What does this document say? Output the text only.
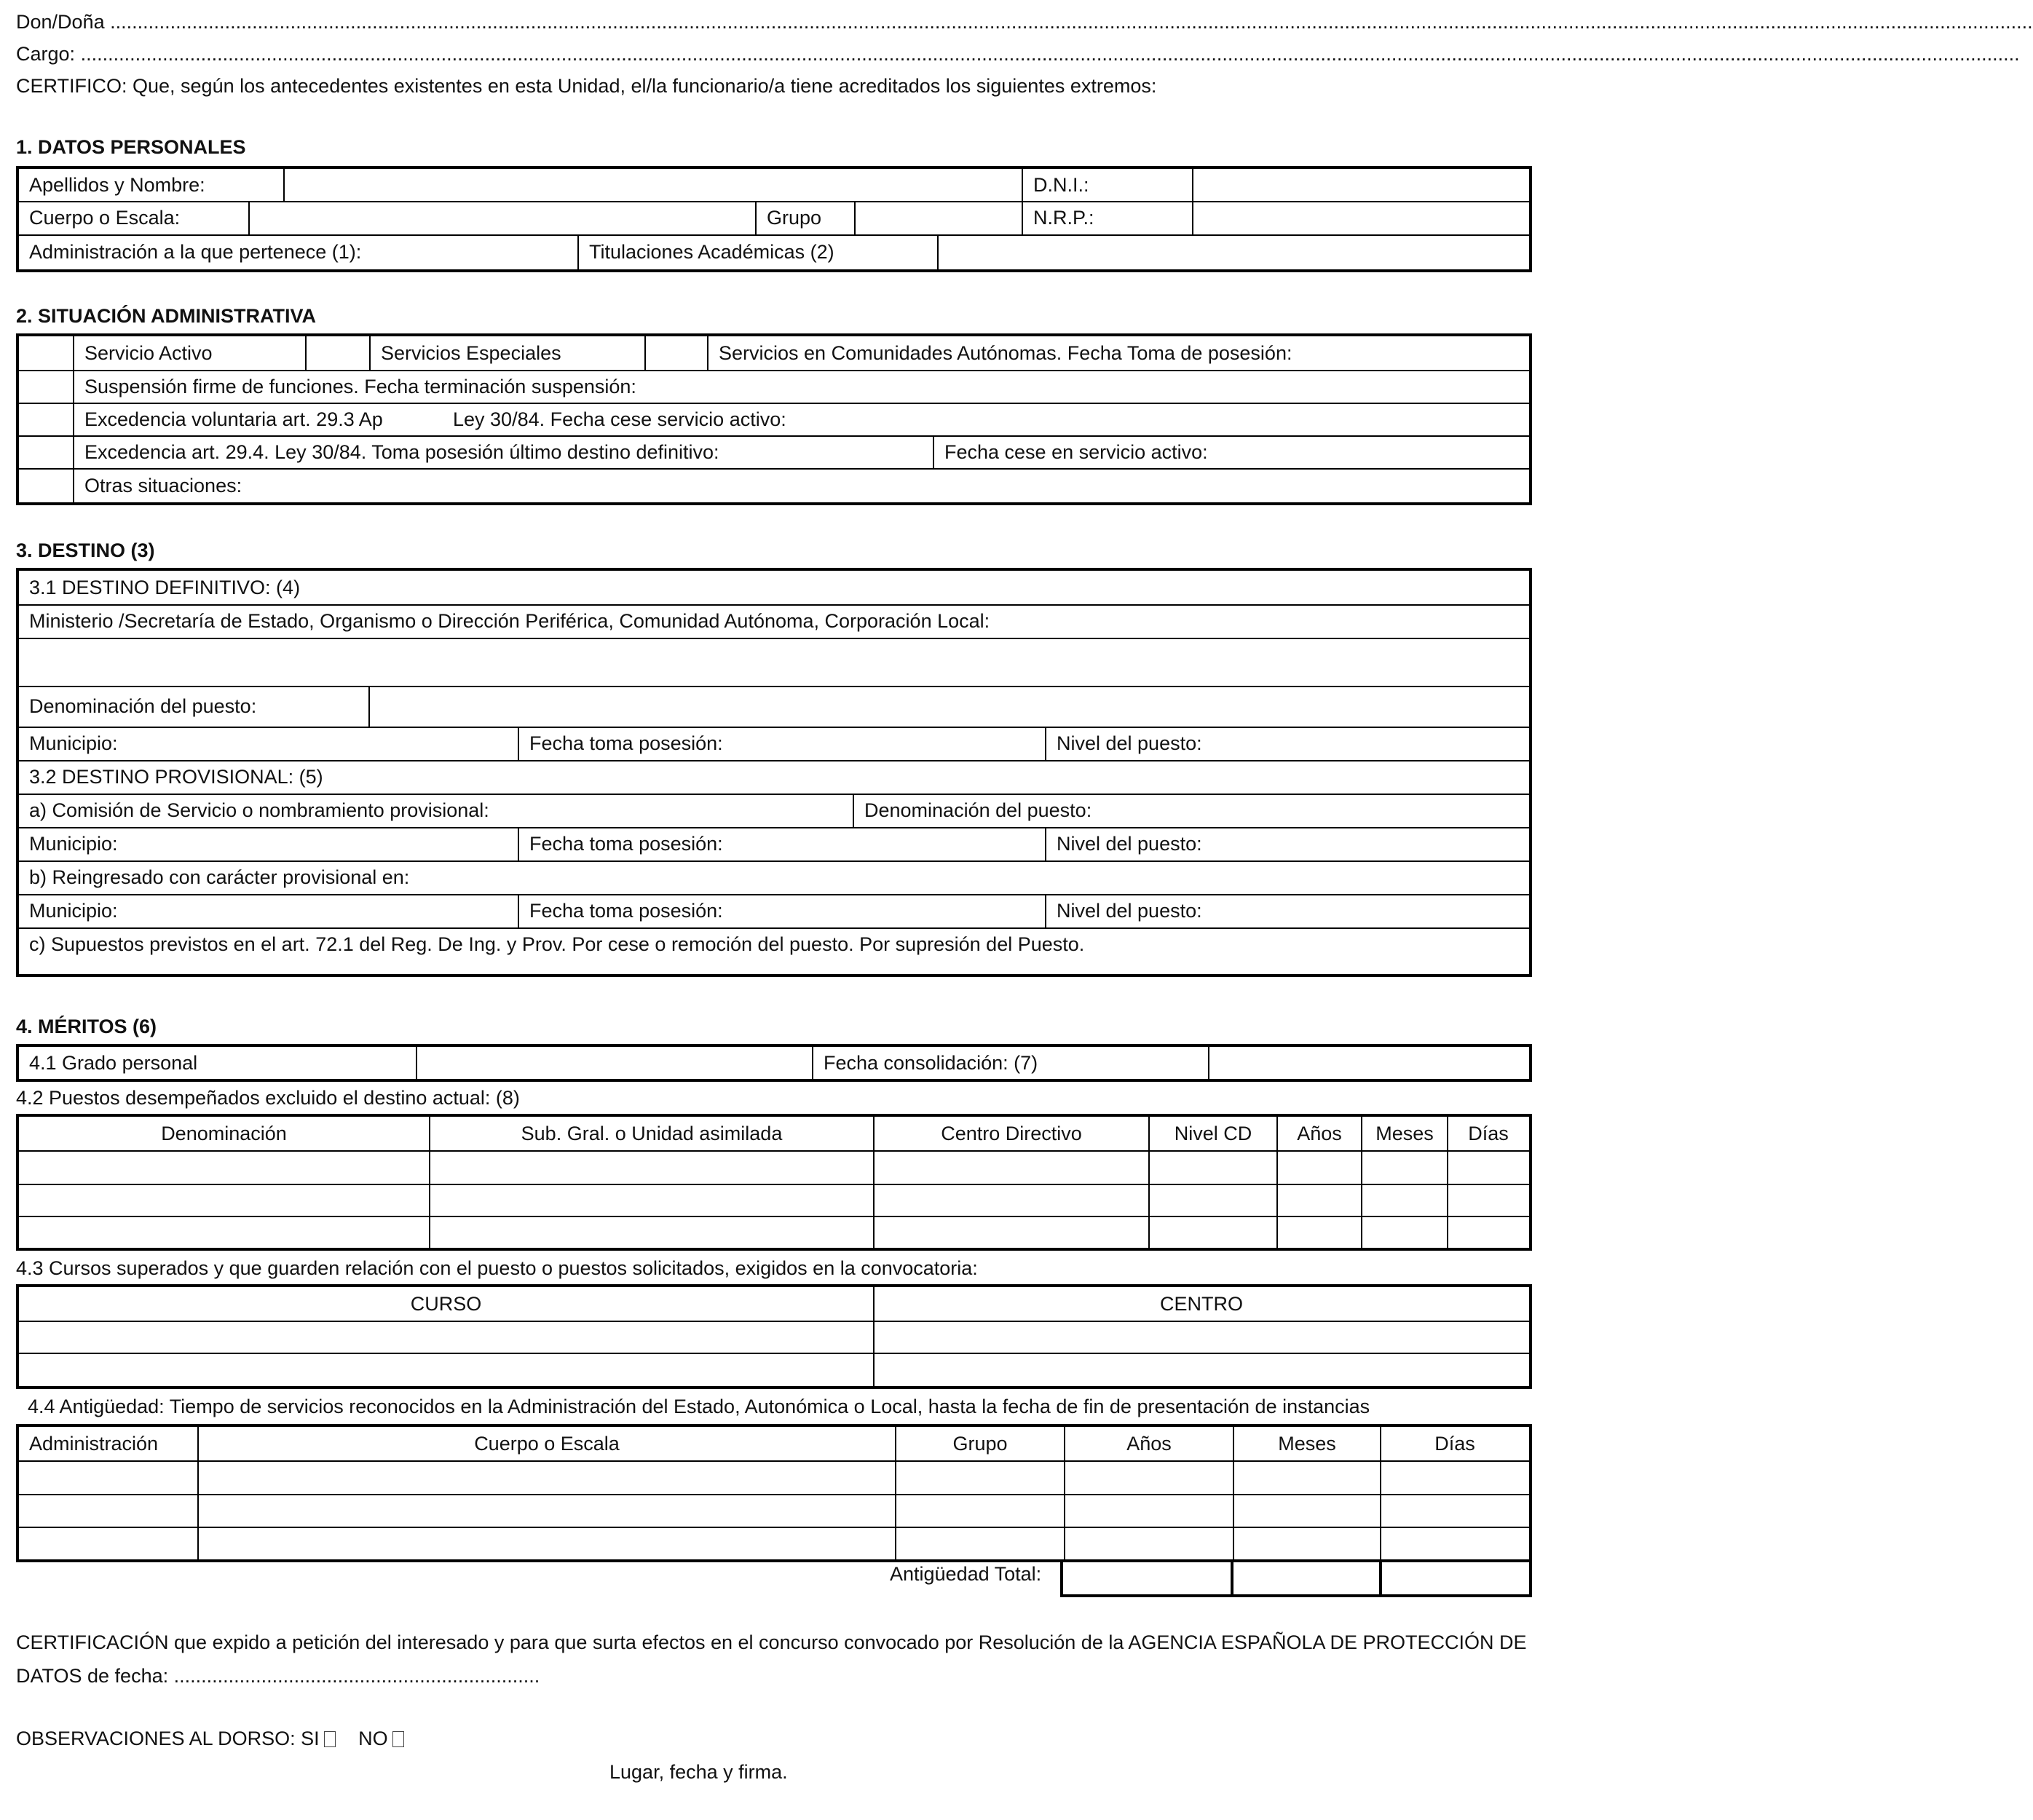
Don/Doña ................................................................................................................................................................................................................................................................................................................................................................
Cargo: ...................................................................................................................................................................................................................................................................................................................................................................
CERTIFICO: Que, según los antecedentes existentes en esta Unidad, el/la funcionario/a tiene acreditados los siguientes extremos:
1. DATOS PERSONALES
Apellidos y Nombre:	D.N.I.:
Cuerpo o Escala:	Grupo	N.R.P.:
Administración a la que pertenece (1):	Titulaciones Académicas (2)
2. SITUACIÓN ADMINISTRATIVA
Servicio Activo	Servicios Especiales	Servicios en Comunidades Autónomas. Fecha Toma de posesión:
Suspensión firme de funciones. Fecha terminación suspensión:
Excedencia voluntaria art. 29.3 Ap	Ley 30/84. Fecha cese servicio activo:
Excedencia art. 29.4. Ley 30/84. Toma posesión último destino definitivo:	Fecha cese en servicio activo:
Otras situaciones:
3. DESTINO (3)
3.1 DESTINO DEFINITIVO: (4)
Ministerio /Secretaría de Estado, Organismo o Dirección Periférica, Comunidad Autónoma, Corporación Local:
Denominación del puesto:
Municipio:	Fecha toma posesión:	Nivel del puesto:
3.2 DESTINO PROVISIONAL: (5)
a) Comisión de Servicio o nombramiento provisional:	Denominación del puesto:
Municipio:	Fecha toma posesión:	Nivel del puesto:
b) Reingresado con carácter provisional en:
Municipio:	Fecha toma posesión:	Nivel del puesto:
c) Supuestos previstos en el art. 72.1 del Reg. De Ing. y Prov. Por cese o remoción del puesto. Por supresión del Puesto.
4. MÉRITOS (6)
4.1 Grado personal	Fecha consolidación: (7)
4.2 Puestos desempeñados excluido el destino actual: (8)
Denominación	Sub. Gral. o Unidad asimilada	Centro Directivo	Nivel CD	Años	Meses	Días
4.3 Cursos superados y que guarden relación con el puesto o puestos solicitados, exigidos en la convocatoria:
CURSO	CENTRO
4.4 Antigüedad: Tiempo de servicios reconocidos en la Administración del Estado, Autonómica o Local, hasta la fecha de fin de presentación de instancias
Administración	Cuerpo o Escala	Grupo	Años	Meses	Días
Antigüedad Total:
CERTIFICACIÓN que expido a petición del interesado y para que surta efectos en el concurso convocado por Resolución de la AGENCIA ESPAÑOLA DE PROTECCIÓN DE
DATOS de fecha: ...................................................................
OBSERVACIONES AL DORSO: SI NO
Lugar, fecha y firma.
